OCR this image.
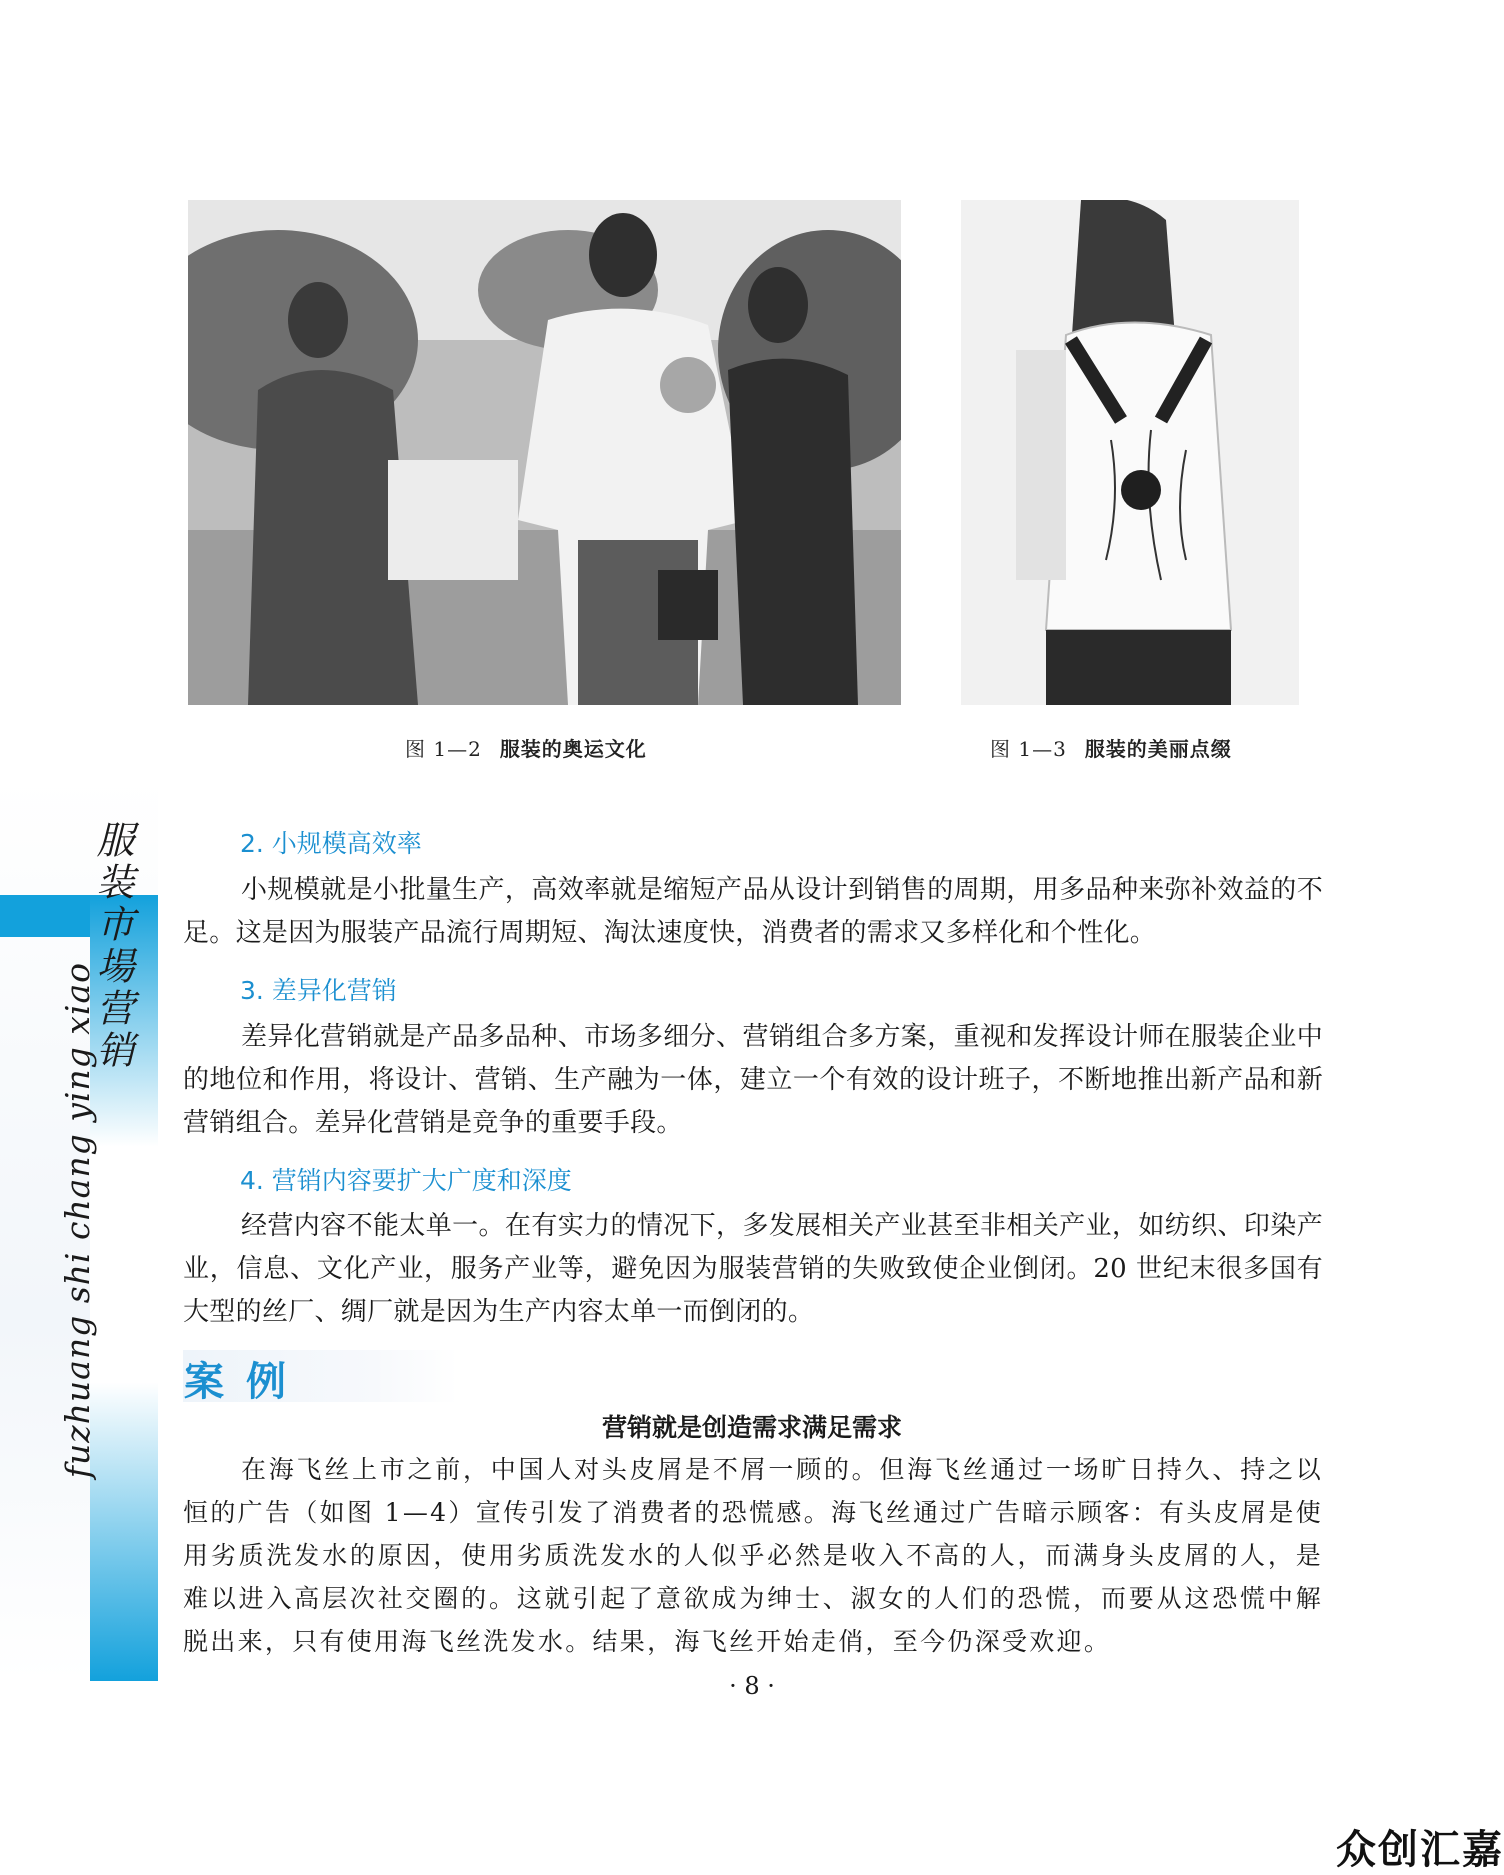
图 1—2 服装的奥运文化	图 1—3 服装的美丽点缀
服装市場营销
fuzhuang shi chang ying xiao
2. 小规模高效率

小规模就是小批量生产，高效率就是缩短产品从设计到销售的周期，用多品种来弥补效益的不足。这是因为服装产品流行周期短、淘汰速度快，消费者的需求又多样化和个性化。

3. 差异化营销

差异化营销就是产品多品种、市场多细分、营销组合多方案，重视和发挥设计师在服装企业中的地位和作用，将设计、营销、生产融为一体，建立一个有效的设计班子，不断地推出新产品和新营销组合。差异化营销是竞争的重要手段。

4. 营销内容要扩大广度和深度

经营内容不能太单一。在有实力的情况下，多发展相关产业甚至非相关产业，如纺织、印染产业，信息、文化产业，服务产业等，避免因为服装营销的失败致使企业倒闭。20 世纪末很多国有大型的丝厂、绸厂就是因为生产内容太单一而倒闭的。

案例
营销就是创造需求满足需求

在海飞丝上市之前，中国人对头皮屑是不屑一顾的。但海飞丝通过一场旷日持久、持之以恒的广告（如图 1—4）宣传引发了消费者的恐慌感。海飞丝通过广告暗示顾客：有头皮屑是使用劣质洗发水的原因，使用劣质洗发水的人似乎必然是收入不高的人，而满身头皮屑的人，是难以进入高层次社交圈的。这就引起了意欲成为绅士、淑女的人们的恐慌，而要从这恐慌中解脱出来，只有使用海飞丝洗发水。结果，海飞丝开始走俏，至今仍深受欢迎。

· 8 ·
众创汇嘉
